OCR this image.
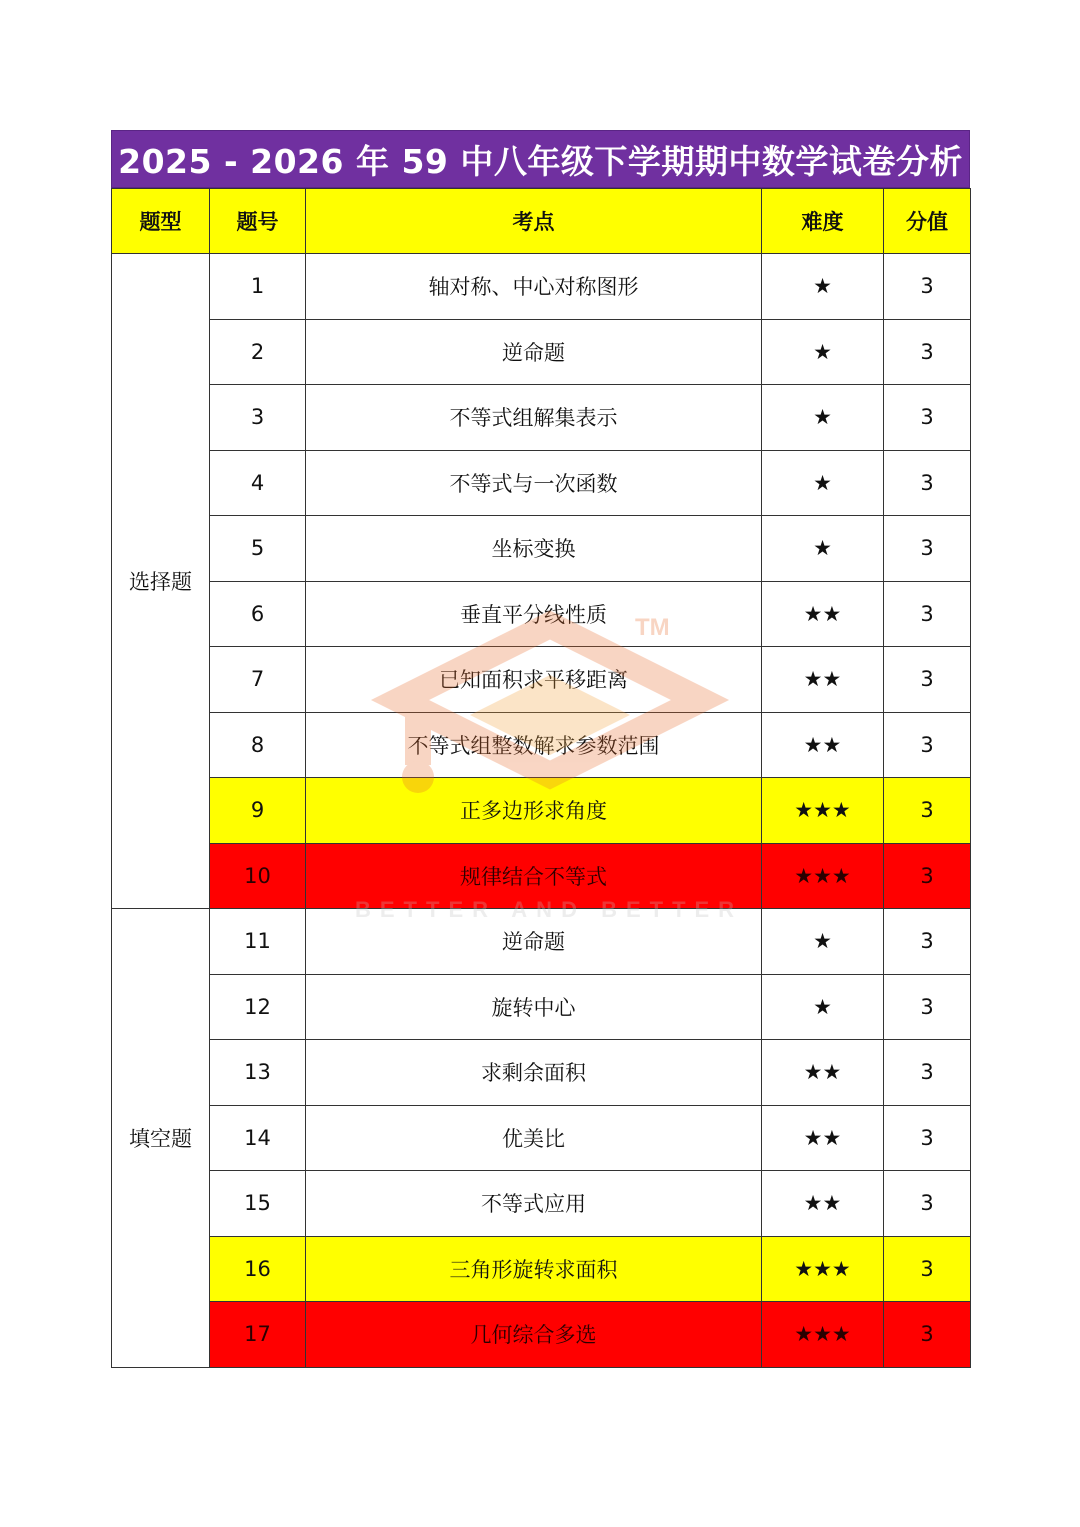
2025 - 2026 年 59 中八年级下学期期中数学试卷分析
题型	题号	考点	难度	分值
选择题	1	轴对称、中心对称图形	★	3
	2	逆命题	★	3
	3	不等式组解集表示	★	3
	4	不等式与一次函数	★	3
	5	坐标变换	★	3
	6	垂直平分线性质	★★	3
	7	已知面积求平移距离	★★	3
	8	不等式组整数解求参数范围	★★	3
	9	正多边形求角度	★★★	3
	10	规律结合不等式	★★★	3
填空题	11	逆命题	★	3
	12	旋转中心	★	3
	13	求剩余面积	★★	3
	14	优美比	★★	3
	15	不等式应用	★★	3
	16	三角形旋转求面积	★★★	3
	17	几何综合多选	★★★	3
TM
BETTER AND BETTER
